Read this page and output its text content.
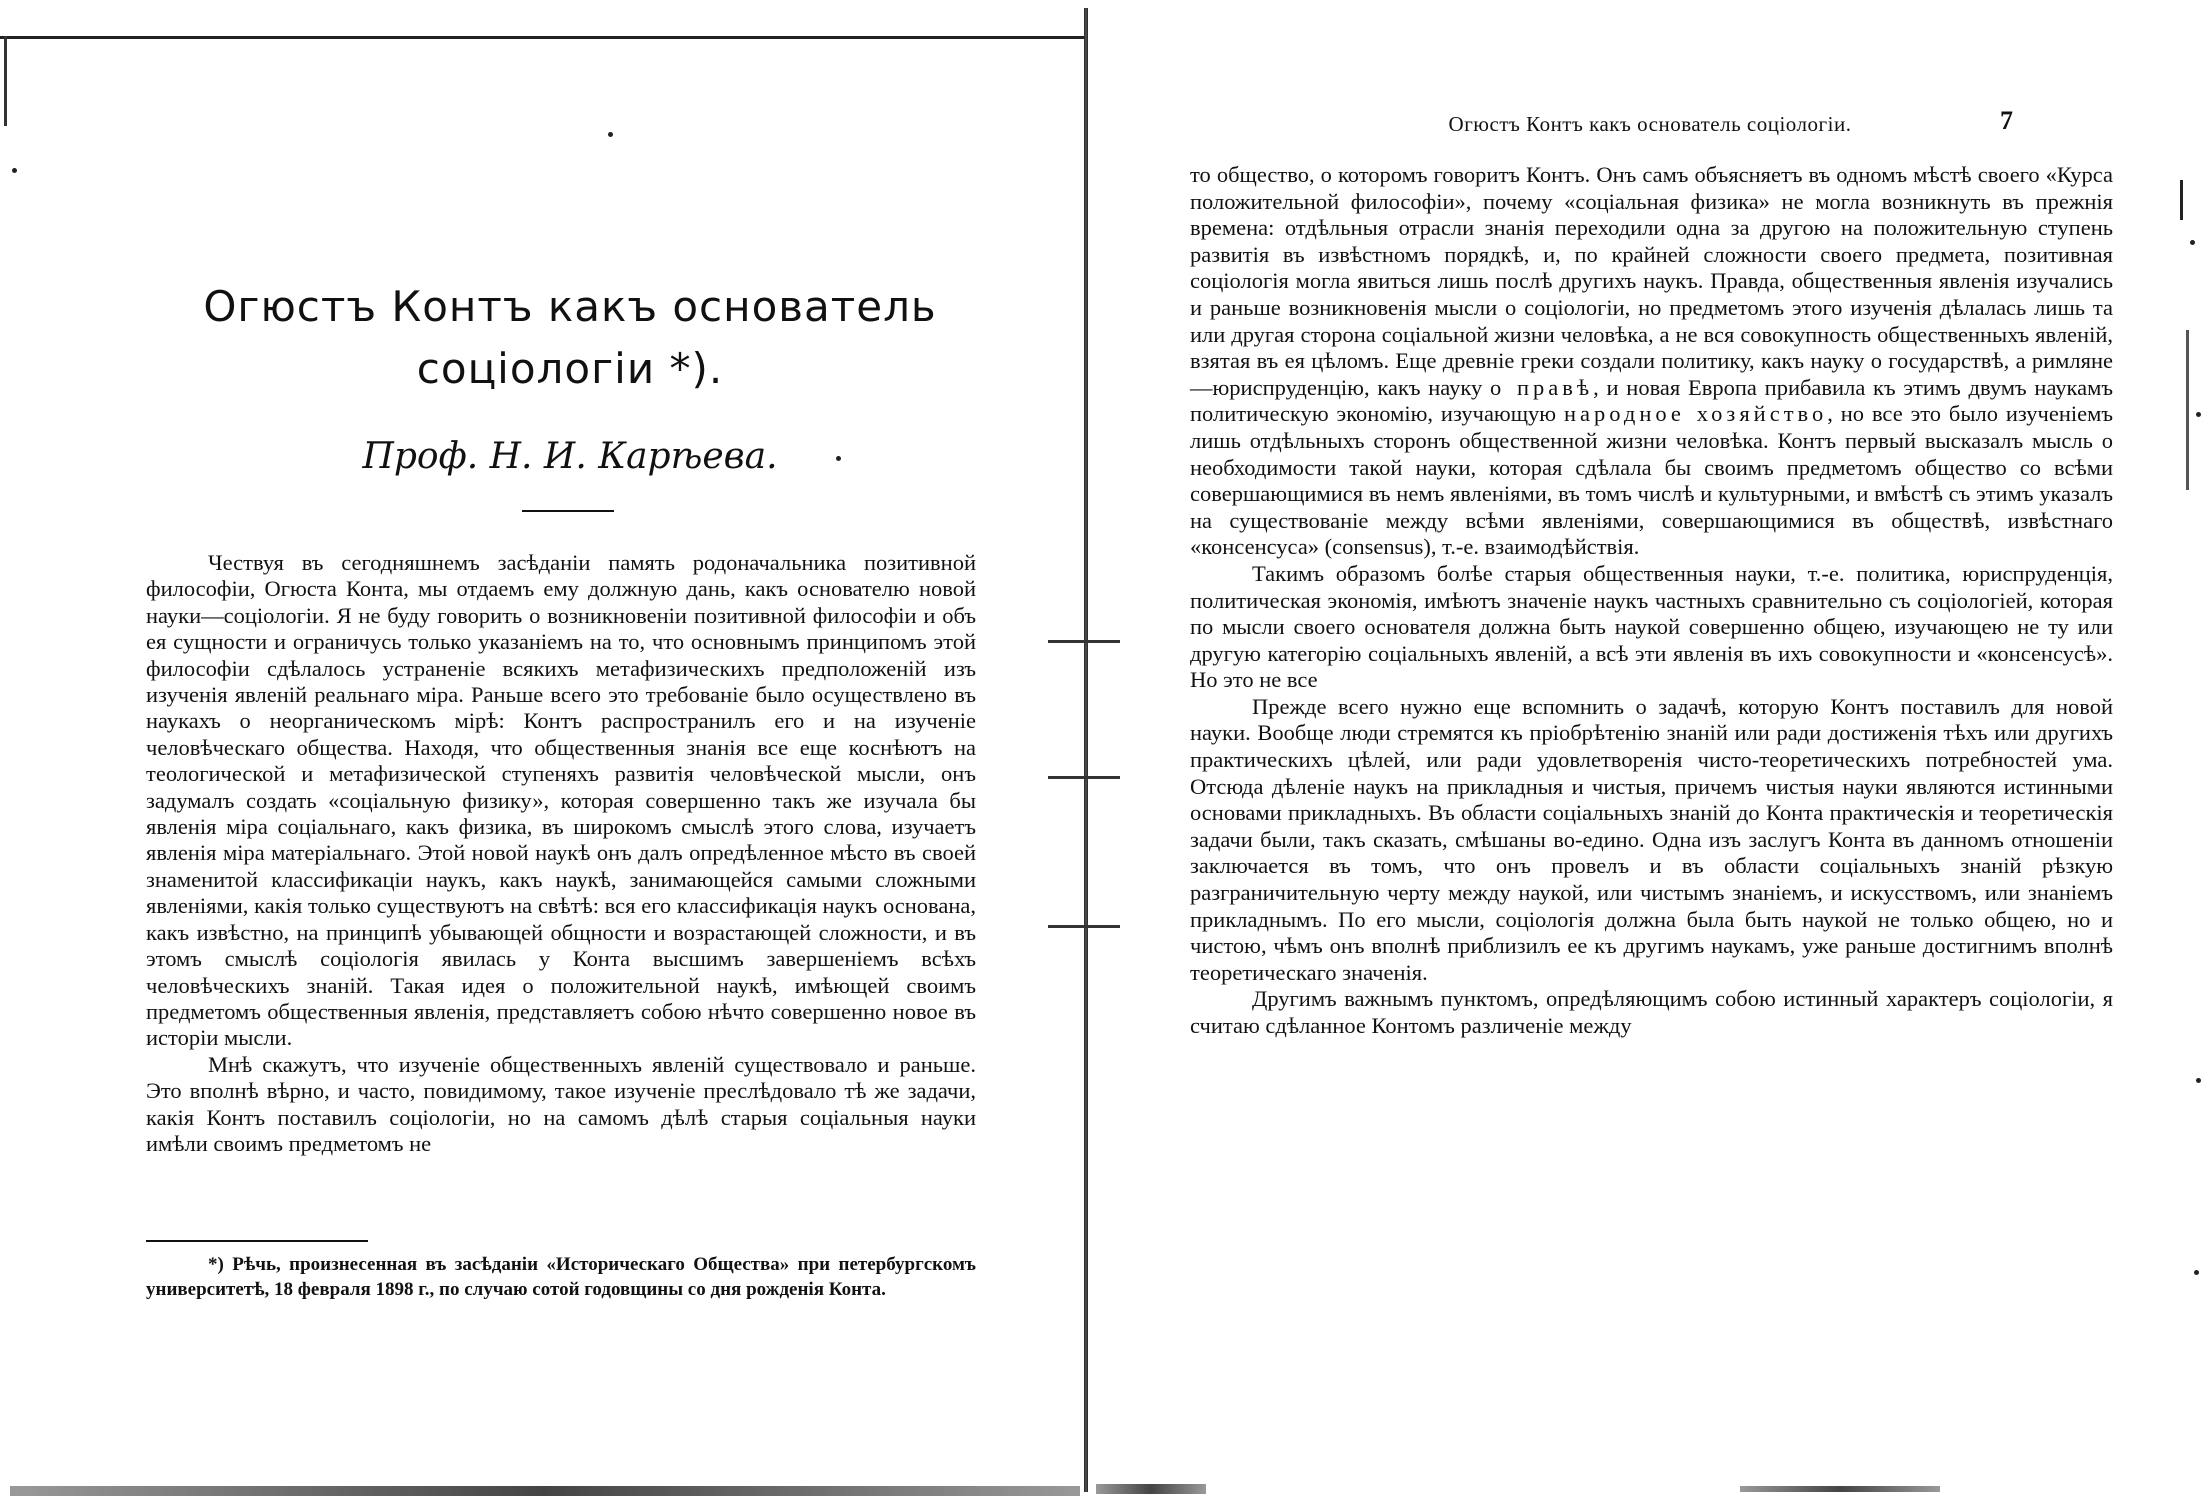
Огюстъ Контъ какъ основатель
соціологіи *).

Проф. Н. И. Карѣева.

Чествуя въ сегодняшнемъ засѣданіи память родоначальника позитивной философіи, Огюста Конта, мы отдаемъ ему должную дань, какъ основателю новой науки—соціологіи. Я не буду говорить о возникновеніи позитивной философіи и объ ея сущности и ограничусь только указаніемъ на то, что основнымъ принципомъ этой философіи сдѣлалось устраненіе всякихъ метафизическихъ предположеній изъ изученія явленій реальнаго міра. Раньше всего это требованіе было осуществлено въ наукахъ о неорганическомъ мірѣ: Контъ распространилъ его и на изученіе человѣческаго общества. Находя, что общественныя знанія все еще коснѣютъ на теологической и метафизической ступеняхъ развитія человѣческой мысли, онъ задумалъ создать «соціальную физику», которая совершенно такъ же изучала бы явленія міра соціальнаго, какъ физика, въ широкомъ смыслѣ этого слова, изучаетъ явленія міра матеріальнаго. Этой новой наукѣ онъ далъ опредѣленное мѣсто въ своей знаменитой классификаціи наукъ, какъ наукѣ, занимающейся самыми сложными явленіями, какія только существуютъ на свѣтѣ: вся его классификація наукъ основана, какъ извѣстно, на принципѣ убывающей общности и возрастающей сложности, и въ этомъ смыслѣ соціологія явилась у Конта высшимъ завершеніемъ всѣхъ человѣческихъ знаній. Такая идея о положительной наукѣ, имѣющей своимъ предметомъ общественныя явленія, представляетъ собою нѣчто совершенно новое въ исторіи мысли.

Мнѣ скажутъ, что изученіе общественныхъ явленій существовало и раньше. Это вполнѣ вѣрно, и часто, повидимому, такое изученіе преслѣдовало тѣ же задачи, какія Контъ поставилъ соціологіи, но на самомъ дѣлѣ старыя соціальныя науки имѣли своимъ предметомъ не

*) Рѣчь, произнесенная въ засѣданіи «Историческаго Общества» при петербургскомъ университетѣ, 18 февраля 1898 г., по случаю сотой годовщины со дня рожденія Конта.

Огюстъ Контъ какъ основатель соціологіи.	7

то общество, о которомъ говоритъ Контъ. Онъ самъ объясняетъ въ одномъ мѣстѣ своего «Курса положительной философіи», почему «соціальная физика» не могла возникнуть въ прежнія времена: отдѣльныя отрасли знанія переходили одна за другою на положительную ступень развитія въ извѣстномъ порядкѣ, и, по крайней сложности своего предмета, позитивная соціологія могла явиться лишь послѣ другихъ наукъ. Правда, общественныя явленія изучались и раньше возникновенія мысли о соціологіи, но предметомъ этого изученія дѣлалась лишь та или другая сторона соціальной жизни человѣка, а не вся совокупность общественныхъ явленій, взятая въ ея цѣломъ. Еще древніе греки создали политику, какъ науку о государствѣ, а римляне—юриспруденцію, какъ науку о правѣ, и новая Европа прибавила къ этимъ двумъ наукамъ политическую экономію, изучающую народное хозяйство, но все это было изученіемъ лишь отдѣльныхъ сторонъ общественной жизни человѣка. Контъ первый высказалъ мысль о необходимости такой науки, которая сдѣлала бы своимъ предметомъ общество со всѣми совершающимися въ немъ явленіями, въ томъ числѣ и культурными, и вмѣстѣ съ этимъ указалъ на существованіе между всѣми явленіями, совершающимися въ обществѣ, извѣстнаго «консенсуса» (consensus), т.-е. взаимодѣйствія.

Такимъ образомъ болѣе старыя общественныя науки, т.-е. политика, юриспруденція, политическая экономія, имѣютъ значеніе наукъ частныхъ сравнительно съ соціологіей, которая по мысли своего основателя должна быть наукой совершенно общею, изучающею не ту или другую категорію соціальныхъ явленій, а всѣ эти явленія въ ихъ совокупности и «консенсусѣ». Но это не все

Прежде всего нужно еще вспомнить о задачѣ, которую Контъ поставилъ для новой науки. Вообще люди стремятся къ пріобрѣтенію знаній или ради достиженія тѣхъ или другихъ практическихъ цѣлей, или ради удовлетворенія чисто-теоретическихъ потребностей ума. Отсюда дѣленіе наукъ на прикладныя и чистыя, причемъ чистыя науки являются истинными основами прикладныхъ. Въ области соціальныхъ знаній до Конта практическія и теоретическія задачи были, такъ сказать, смѣшаны во-едино. Одна изъ заслугъ Конта въ данномъ отношеніи заключается въ томъ, что онъ провелъ и въ области соціальныхъ знаній рѣзкую разграничительную черту между наукой, или чистымъ знаніемъ, и искусствомъ, или знаніемъ прикладнымъ. По его мысли, соціологія должна была быть наукой не только общею, но и чистою, чѣмъ онъ вполнѣ приблизилъ ее къ другимъ наукамъ, уже раньше достигнимъ вполнѣ теоретическаго значенія.

Другимъ важнымъ пунктомъ, опредѣляющимъ собою истинный характеръ соціологіи, я считаю сдѣланное Контомъ различеніе между
